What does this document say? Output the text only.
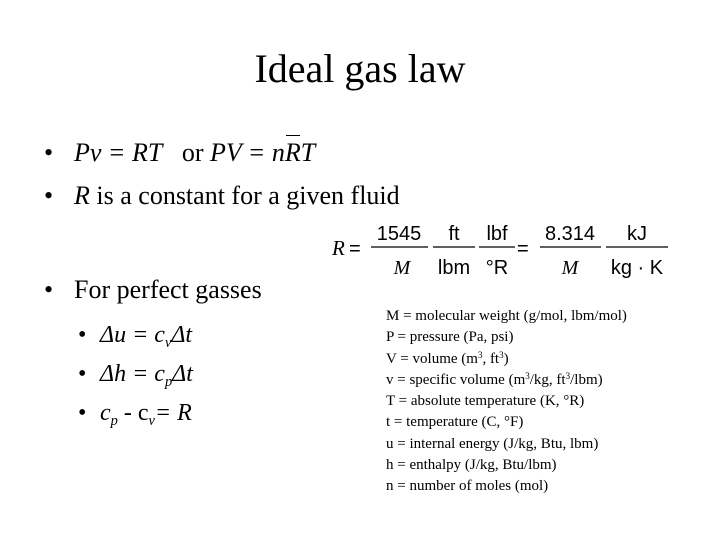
Ideal gas law
• Pv = RT or PV = nRT
• R is a constant for a given fluid
• For perfect gasses
• $\Delta u = c_v\Delta t$
• $\Delta h = c_p\Delta t$
• $c_p - c_v= R$
R =
1545
M
ft
lbm
lbf
°R
=
8.314
M
kJ
kg · K
M = molecular weight (g/mol, lbm/mol)
P = pressure (Pa, psi)
V = volume ($m^3$, $ft^3$)
v = specific volume ($m^3/kg$, $ft^3/lbm$)
T = absolute temperature (K, °R)
t = temperature (C, °F)
u = internal energy (J/kg, Btu, lbm)
h = enthalpy (J/kg, Btu/lbm)
n = number of moles (mol)
